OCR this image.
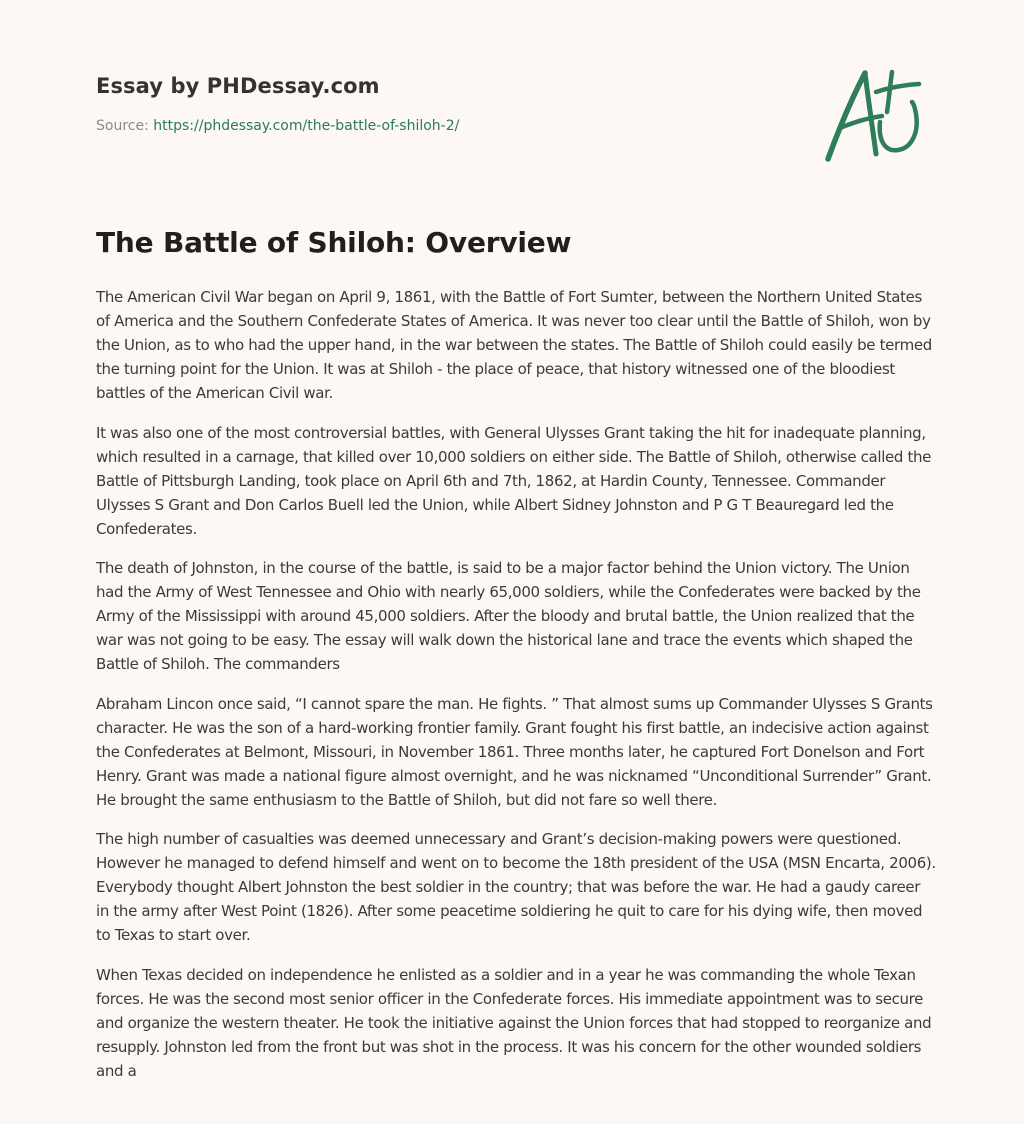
Essay by PHDessay.com
Source: https://phdessay.com/the-battle-of-shiloh-2/
The Battle of Shiloh: Overview

The American Civil War began on April 9, 1861, with the Battle of Fort Sumter, between the Northern United States of America and the Southern Confederate States of America. It was never too clear until the Battle of Shiloh, won by the Union, as to who had the upper hand, in the war between the states. The Battle of Shiloh could easily be termed the turning point for the Union. It was at Shiloh - the place of peace, that history witnessed one of the bloodiest battles of the American Civil war.

It was also one of the most controversial battles, with General Ulysses Grant taking the hit for inadequate planning, which resulted in a carnage, that killed over 10,000 soldiers on either side. The Battle of Shiloh, otherwise called the Battle of Pittsburgh Landing, took place on April 6th and 7th, 1862, at Hardin County, Tennessee. Commander Ulysses S Grant and Don Carlos Buell led the Union, while Albert Sidney Johnston and P G T Beauregard led the Confederates.

The death of Johnston, in the course of the battle, is said to be a major factor behind the Union victory. The Union had the Army of West Tennessee and Ohio with nearly 65,000 soldiers, while the Confederates were backed by the Army of the Mississippi with around 45,000 soldiers. After the bloody and brutal battle, the Union realized that the war was not going to be easy. The essay will walk down the historical lane and trace the events which shaped the Battle of Shiloh. The commanders

Abraham Lincon once said, “I cannot spare the man. He fights. ” That almost sums up Commander Ulysses S Grants character. He was the son of a hard-working frontier family. Grant fought his first battle, an indecisive action against the Confederates at Belmont, Missouri, in November 1861. Three months later, he captured Fort Donelson and Fort Henry. Grant was made a national figure almost overnight, and he was nicknamed “Unconditional Surrender” Grant. He brought the same enthusiasm to the Battle of Shiloh, but did not fare so well there.

The high number of casualties was deemed unnecessary and Grant’s decision-making powers were questioned. However he managed to defend himself and went on to become the 18th president of the USA (MSN Encarta, 2006). Everybody thought Albert Johnston the best soldier in the country; that was before the war. He had a gaudy career in the army after West Point (1826). After some peacetime soldiering he quit to care for his dying wife, then moved to Texas to start over.

When Texas decided on independence he enlisted as a soldier and in a year he was commanding the whole Texan forces. He was the second most senior officer in the Confederate forces. His immediate appointment was to secure and organize the western theater. He took the initiative against the Union forces that had stopped to reorganize and resupply. Johnston led from the front but was shot in the process. It was his concern for the other wounded soldiers and a
